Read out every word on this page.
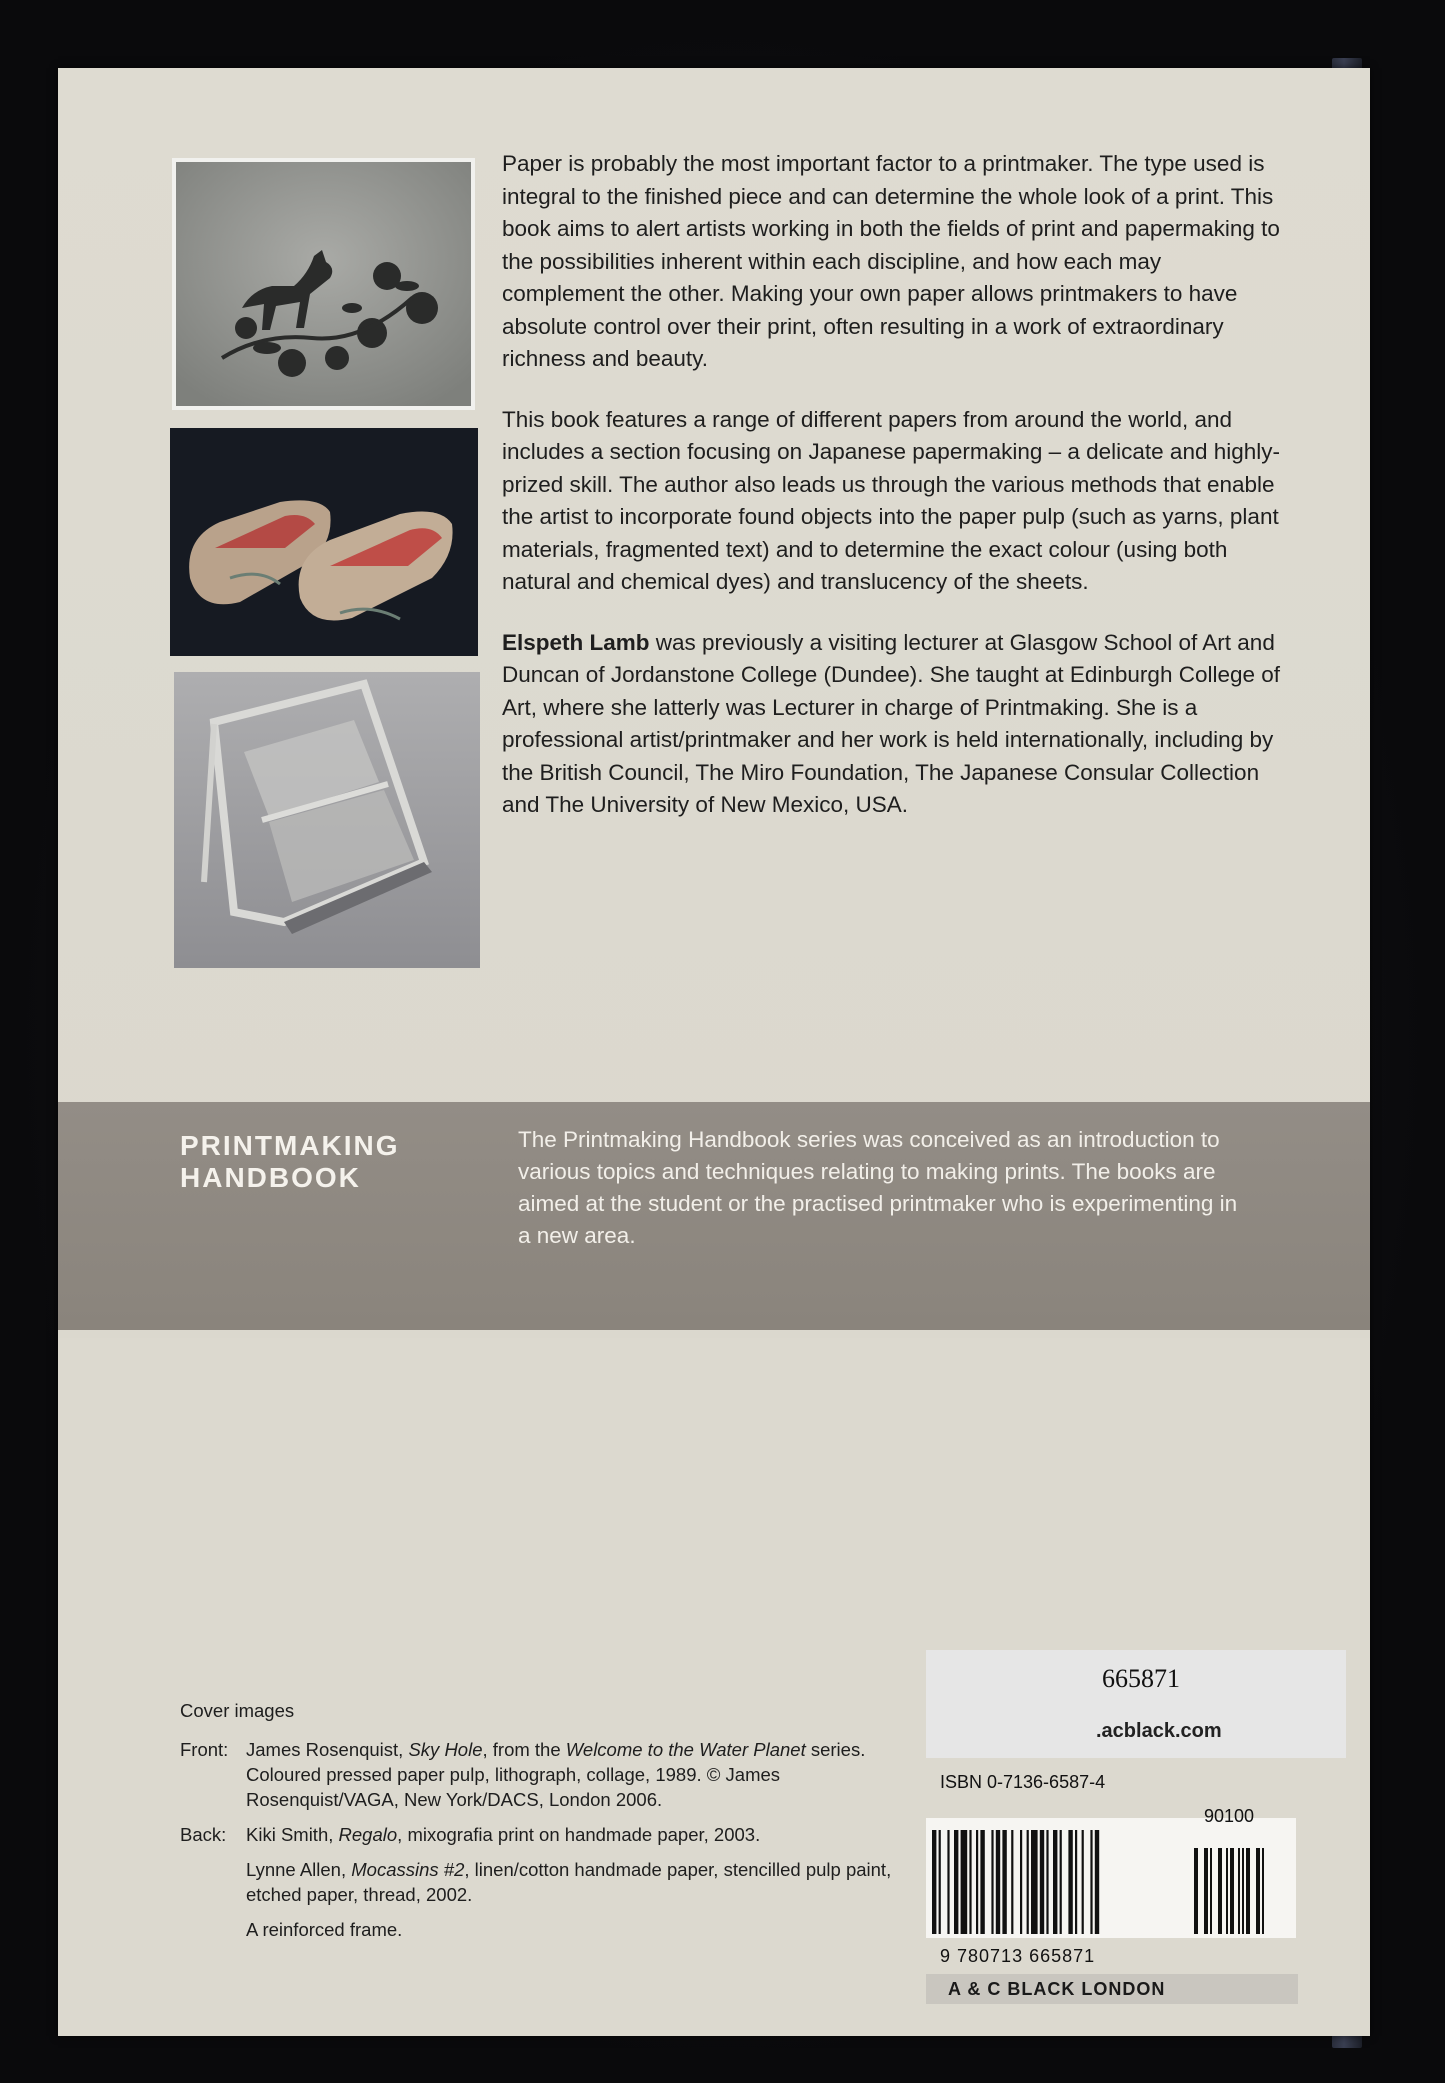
Paper is probably the most important factor to a printmaker. The type used is integral to the finished piece and can determine the whole look of a print. This book aims to alert artists working in both the fields of print and papermaking to the possibilities inherent within each discipline, and how each may complement the other. Making your own paper allows printmakers to have absolute control over their print, often resulting in a work of extraordinary richness and beauty.

This book features a range of different papers from around the world, and includes a section focusing on Japanese papermaking – a delicate and highly-prized skill. The author also leads us through the various methods that enable the artist to incorporate found objects into the paper pulp (such as yarns, plant materials, fragmented text) and to determine the exact colour (using both natural and chemical dyes) and translucency of the sheets.

Elspeth Lamb was previously a visiting lecturer at Glasgow School of Art and Duncan of Jordanstone College (Dundee). She taught at Edinburgh College of Art, where she latterly was Lecturer in charge of Printmaking. She is a professional artist/printmaker and her work is held internationally, including by the British Council, The Miro Foundation, The Japanese Consular Collection and The University of New Mexico, USA.

PRINTMAKING
HANDBOOK
The Printmaking Handbook series was conceived as an introduction to various topics and techniques relating to making prints. The books are aimed at the student or the practised printmaker who is experimenting in a new area.
Cover images
Front: James Rosenquist, Sky Hole, from the Welcome to the Water Planet series. Coloured pressed paper pulp, lithograph, collage, 1989. © James Rosenquist/VAGA, New York/DACS, London 2006.
Back:	Kiki Smith, Regalo, mixografia print on handmade paper, 2003.
Lynne Allen, Mocassins #2, linen/cotton handmade paper, stencilled pulp paint, etched paper, thread, 2002.
A reinforced frame.
665871
.acblack.com
ISBN 0-7136-6587-4
90100
9 780713 665871
A & C BLACK LONDON
